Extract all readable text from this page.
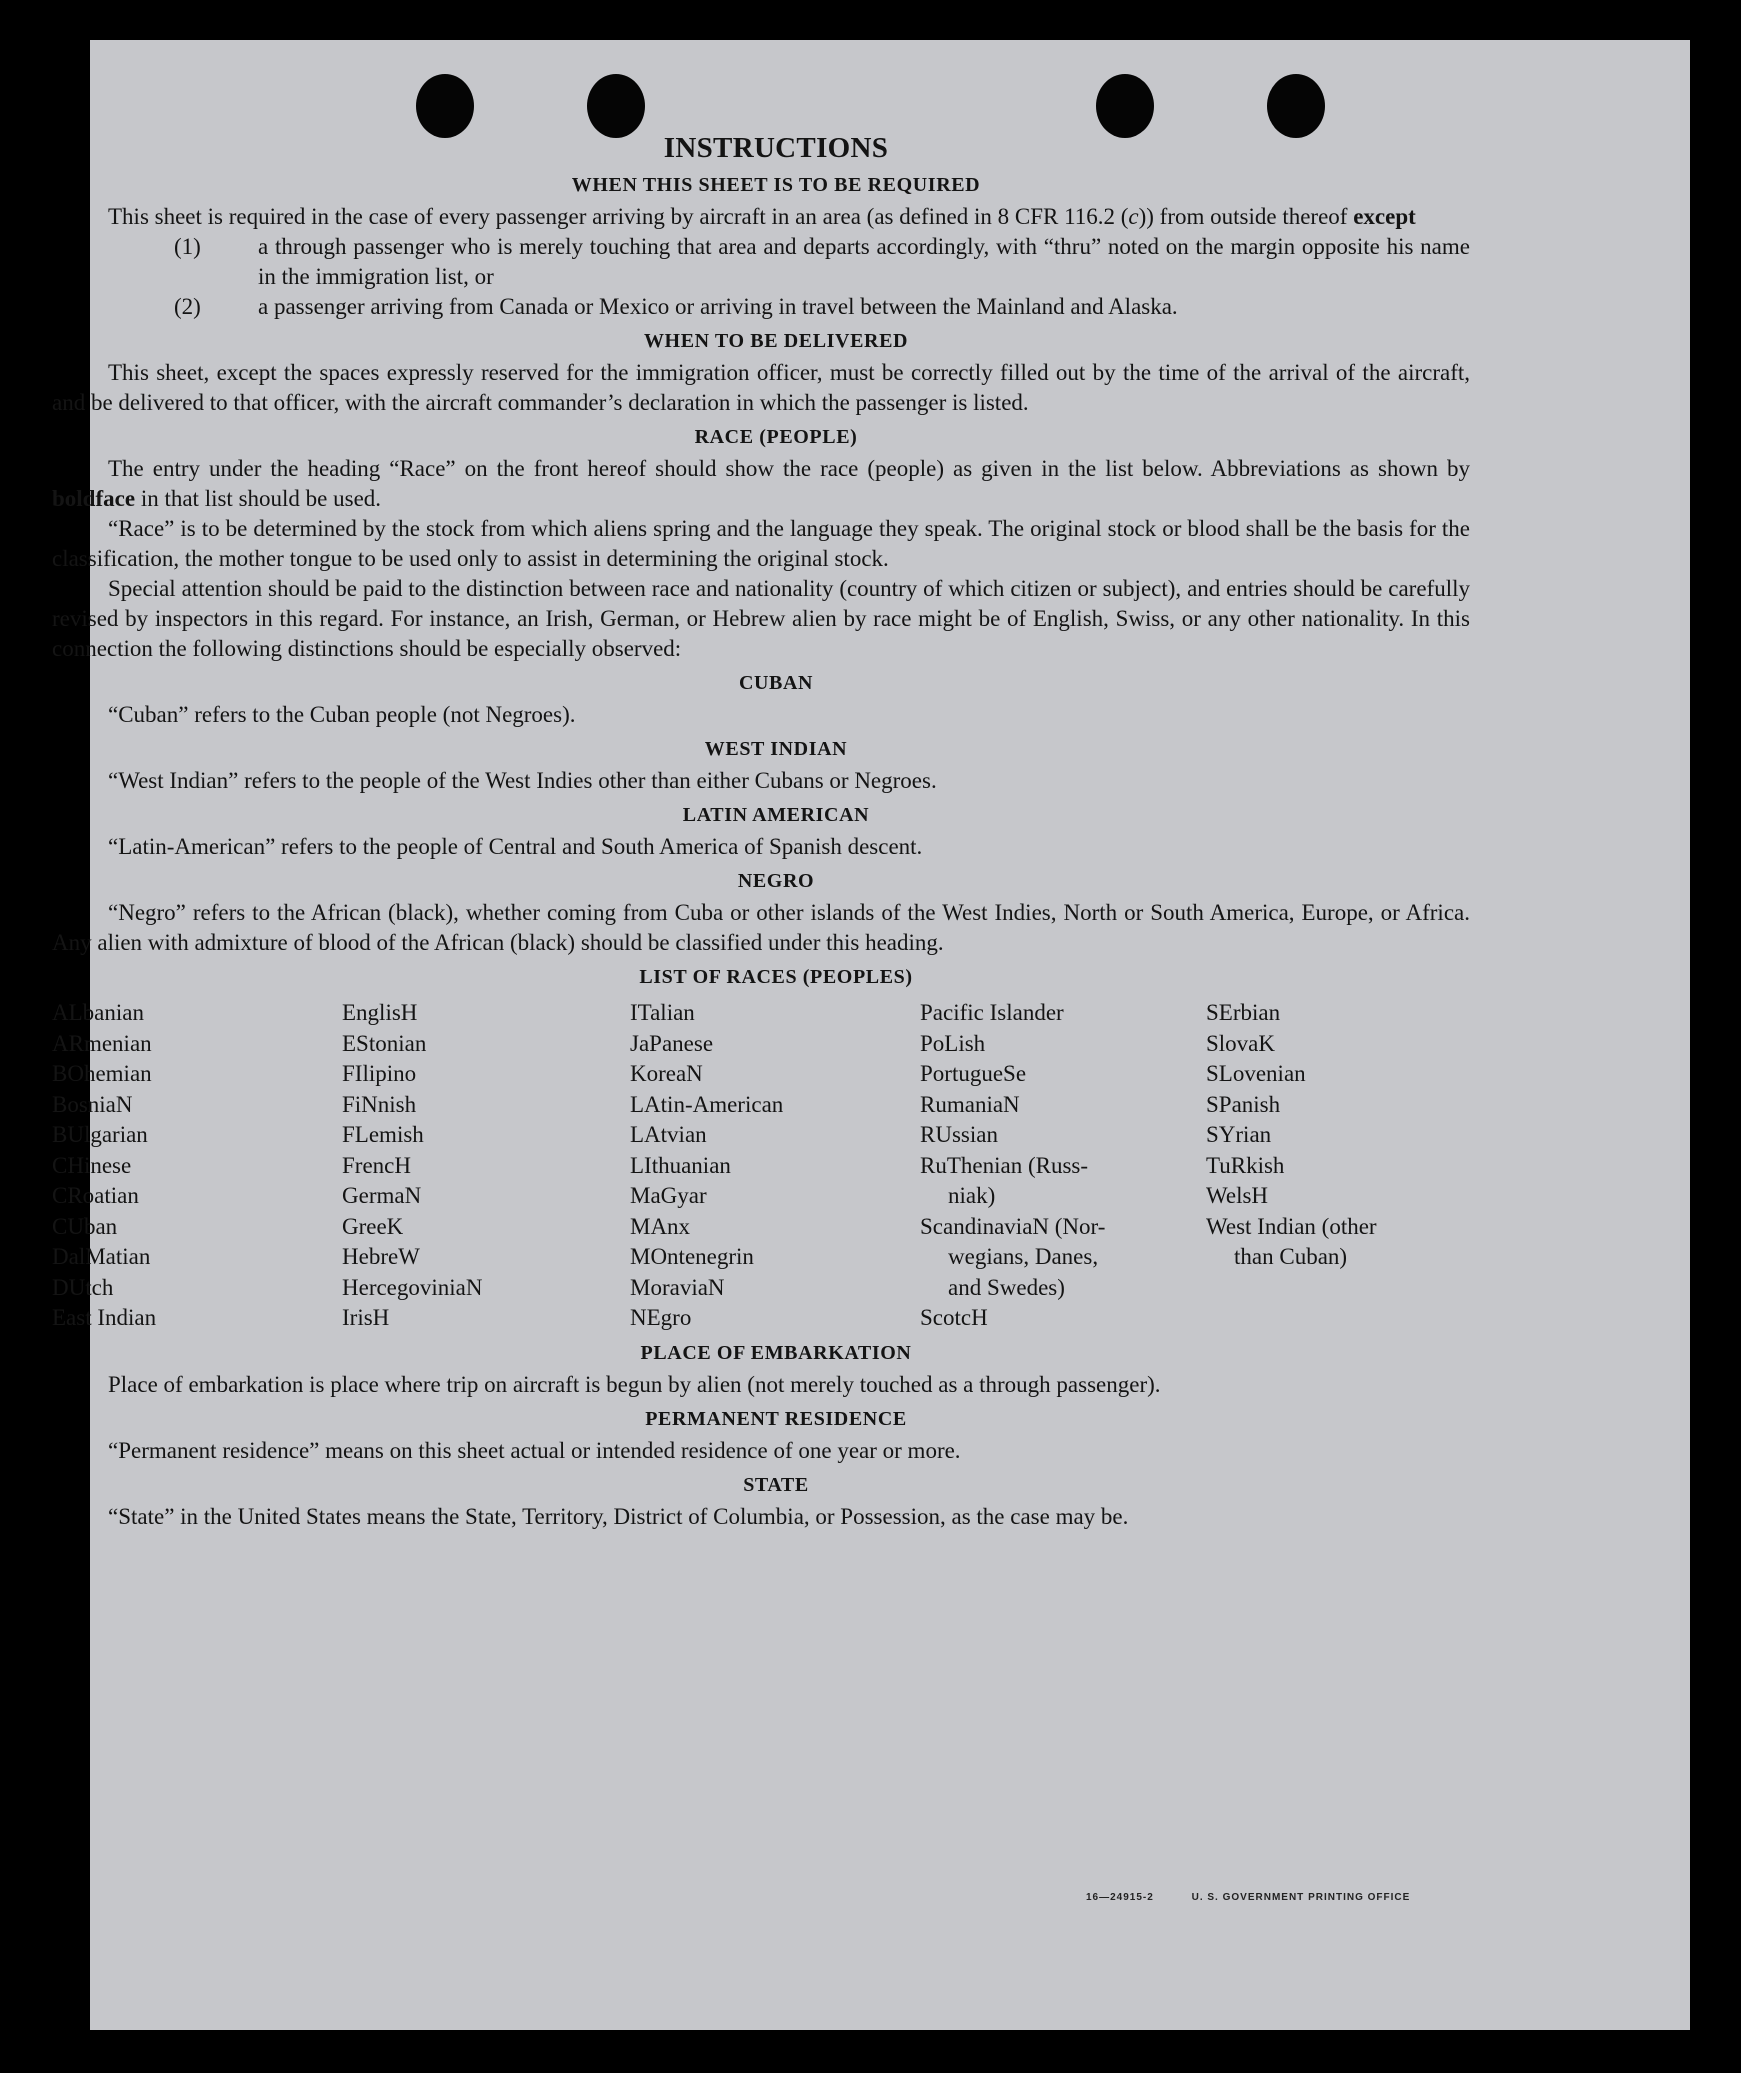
INSTRUCTIONS
WHEN THIS SHEET IS TO BE REQUIRED

This sheet is required in the case of every passenger arriving by aircraft in an area (as defined in 8 CFR 116.2 (c)) from outside thereof except

(1)	a through passenger who is merely touching that area and departs accordingly, with “thru” noted on the margin opposite his name in the immigration list, or
(2)	a passenger arriving from Canada or Mexico or arriving in travel between the Mainland and Alaska.
WHEN TO BE DELIVERED

This sheet, except the spaces expressly reserved for the immigration officer, must be correctly filled out by the time of the arrival of the aircraft, and be delivered to that officer, with the aircraft commander’s declaration in which the passenger is listed.

RACE (PEOPLE)

The entry under the heading “Race” on the front hereof should show the race (people) as given in the list below. Abbreviations as shown by boldface in that list should be used.

“Race” is to be determined by the stock from which aliens spring and the language they speak. The original stock or blood shall be the basis for the classification, the mother tongue to be used only to assist in determining the original stock.

Special attention should be paid to the distinction between race and nationality (country of which citizen or subject), and entries should be carefully revised by inspectors in this regard. For instance, an Irish, German, or Hebrew alien by race might be of English, Swiss, or any other nationality. In this connection the following distinctions should be especially observed:

CUBAN

“Cuban” refers to the Cuban people (not Negroes).

WEST INDIAN

“West Indian” refers to the people of the West Indies other than either Cubans or Negroes.

LATIN AMERICAN

“Latin-American” refers to the people of Central and South America of Spanish descent.

NEGRO

“Negro” refers to the African (black), whether coming from Cuba or other islands of the West Indies, North or South America, Europe, or Africa. Any alien with admixture of blood of the African (black) should be classified under this heading.

LIST OF RACES (PEOPLES)
ALbanian
ARmenian
BOhemian
BosniaN
BUlgarian
CHinese
CRoatian
CUban
DalMatian
DUtch
East Indian
EnglisH
EStonian
FIlipino
FiNnish
FLemish
FrencH
GermaN
GreeK
HebreW
HercegoviniaN
IrisH
ITalian
JaPanese
KoreaN
LAtin-American
LAtvian
LIthuanian
MaGyar
MAnx
MOntenegrin
MoraviaN
NEgro
Pacific Islander
PoLish
PortugueSe
RumaniaN
RUssian
RuThenian (Russ-
niak)
ScandinaviaN (Nor-
wegians, Danes,
and Swedes)
ScotcH
SErbian
SlovaK
SLovenian
SPanish
SYrian
TuRkish
WelsH
West Indian (other
than Cuban)
PLACE OF EMBARKATION

Place of embarkation is place where trip on aircraft is begun by alien (not merely touched as a through passenger).

PERMANENT RESIDENCE

“Permanent residence” means on this sheet actual or intended residence of one year or more.

STATE

“State” in the United States means the State, Territory, District of Columbia, or Possession, as the case may be.

16—24915-2	U. S. GOVERNMENT PRINTING OFFICE
